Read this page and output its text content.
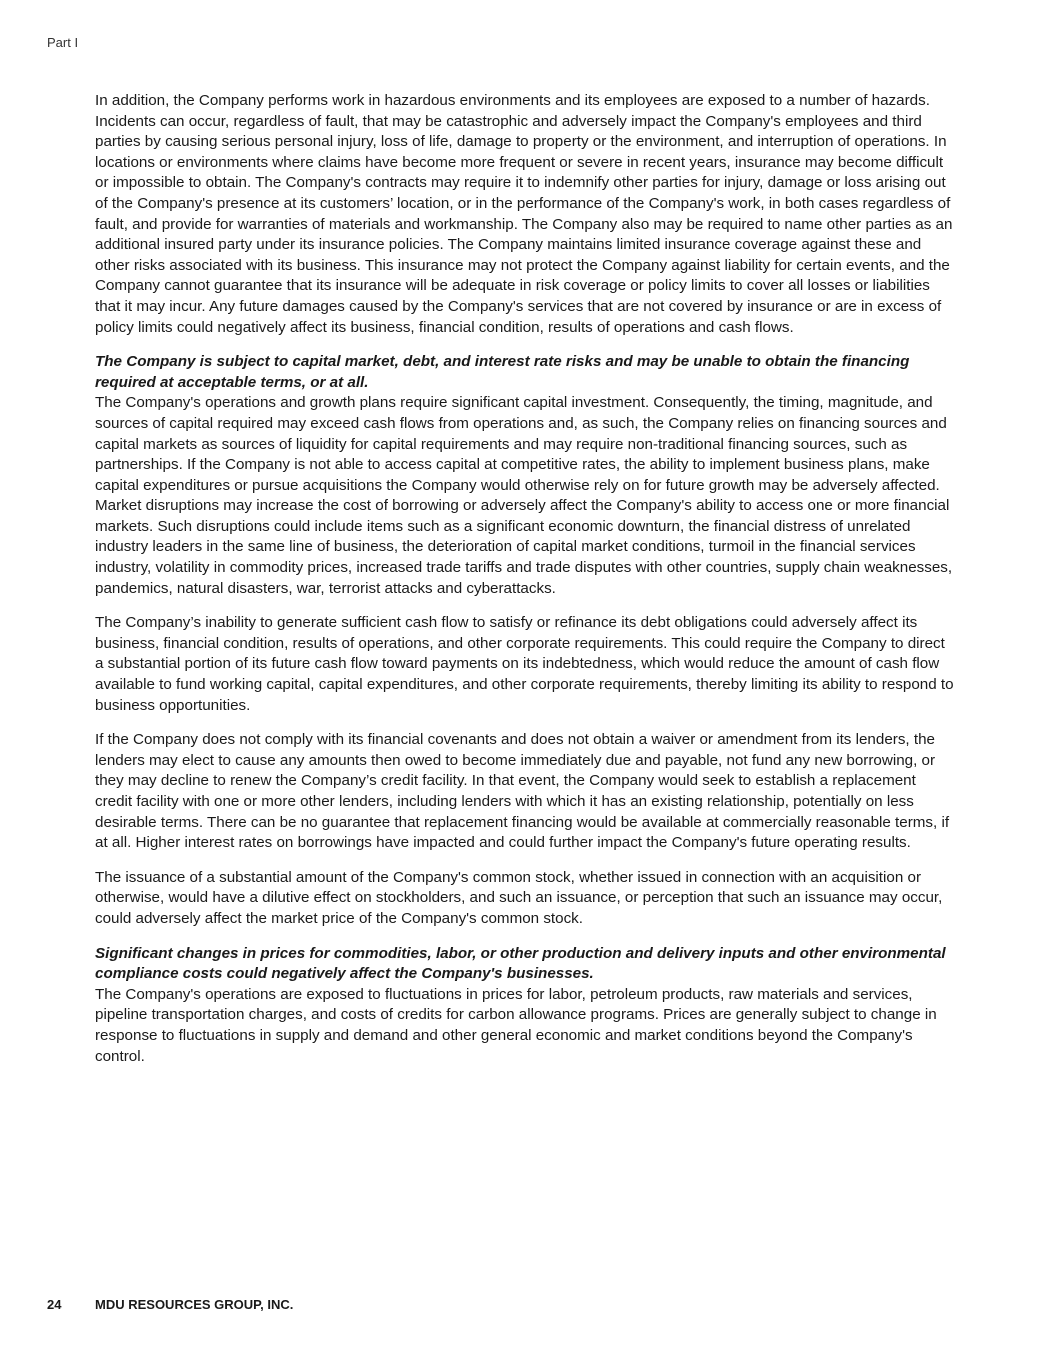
Part I

In addition, the Company performs work in hazardous environments and its employees are exposed to a number of hazards. Incidents can occur, regardless of fault, that may be catastrophic and adversely impact the Company's employees and third parties by causing serious personal injury, loss of life, damage to property or the environment, and interruption of operations. In locations or environments where claims have become more frequent or severe in recent years, insurance may become difficult or impossible to obtain. The Company's contracts may require it to indemnify other parties for injury, damage or loss arising out of the Company's presence at its customers’ location, or in the performance of the Company's work, in both cases regardless of fault, and provide for warranties of materials and workmanship. The Company also may be required to name other parties as an additional insured party under its insurance policies. The Company maintains limited insurance coverage against these and other risks associated with its business. This insurance may not protect the Company against liability for certain events, and the Company cannot guarantee that its insurance will be adequate in risk coverage or policy limits to cover all losses or liabilities that it may incur. Any future damages caused by the Company's services that are not covered by insurance or are in excess of policy limits could negatively affect its business, financial condition, results of operations and cash flows.

The Company is subject to capital market, debt, and interest rate risks and may be unable to obtain the financing required at acceptable terms, or at all.
The Company's operations and growth plans require significant capital investment. Consequently, the timing, magnitude, and sources of capital required may exceed cash flows from operations and, as such, the Company relies on financing sources and capital markets as sources of liquidity for capital requirements and may require non-traditional financing sources, such as partnerships. If the Company is not able to access capital at competitive rates, the ability to implement business plans, make capital expenditures or pursue acquisitions the Company would otherwise rely on for future growth may be adversely affected. Market disruptions may increase the cost of borrowing or adversely affect the Company's ability to access one or more financial markets. Such disruptions could include items such as a significant economic downturn, the financial distress of unrelated industry leaders in the same line of business, the deterioration of capital market conditions, turmoil in the financial services industry, volatility in commodity prices, increased trade tariffs and trade disputes with other countries, supply chain weaknesses, pandemics, natural disasters, war, terrorist attacks and cyberattacks.

The Company’s inability to generate sufficient cash flow to satisfy or refinance its debt obligations could adversely affect its business, financial condition, results of operations, and other corporate requirements. This could require the Company to direct a substantial portion of its future cash flow toward payments on its indebtedness, which would reduce the amount of cash flow available to fund working capital, capital expenditures, and other corporate requirements, thereby limiting its ability to respond to business opportunities.

If the Company does not comply with its financial covenants and does not obtain a waiver or amendment from its lenders, the lenders may elect to cause any amounts then owed to become immediately due and payable, not fund any new borrowing, or they may decline to renew the Company’s credit facility. In that event, the Company would seek to establish a replacement credit facility with one or more other lenders, including lenders with which it has an existing relationship, potentially on less desirable terms. There can be no guarantee that replacement financing would be available at commercially reasonable terms, if at all. Higher interest rates on borrowings have impacted and could further impact the Company's future operating results.

The issuance of a substantial amount of the Company's common stock, whether issued in connection with an acquisition or otherwise, would have a dilutive effect on stockholders, and such an issuance, or perception that such an issuance may occur, could adversely affect the market price of the Company's common stock.

Significant changes in prices for commodities, labor, or other production and delivery inputs and other environmental compliance costs could negatively affect the Company's businesses.
The Company's operations are exposed to fluctuations in prices for labor, petroleum products, raw materials and services, pipeline transportation charges, and costs of credits for carbon allowance programs. Prices are generally subject to change in response to fluctuations in supply and demand and other general economic and market conditions beyond the Company's control.

24	MDU RESOURCES GROUP, INC.
